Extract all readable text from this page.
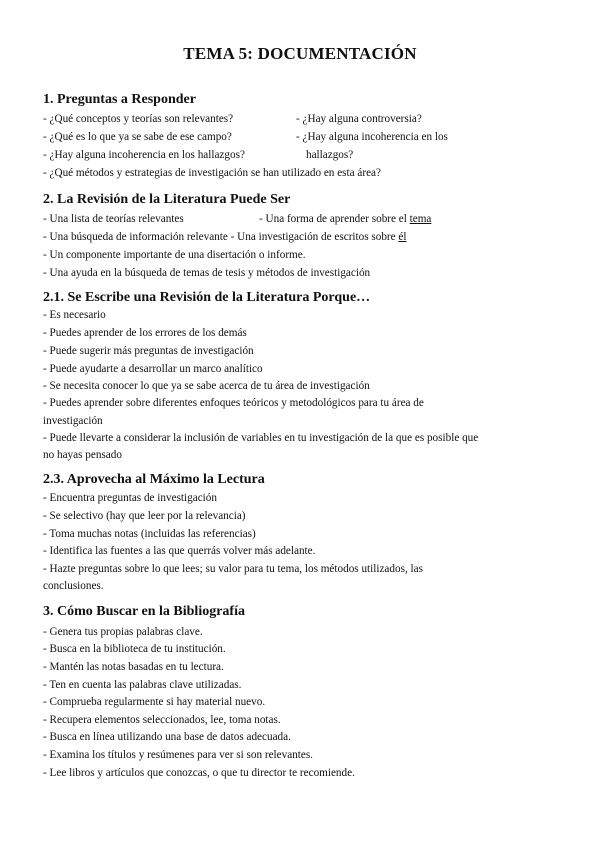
TEMA 5: DOCUMENTACIÓN
1. Preguntas a Responder
- ¿Qué conceptos y teorías son relevantes?
- ¿Qué es lo que ya se sabe de ese campo?
- ¿Hay alguna incoherencia en los hallazgos?
- ¿Qué métodos y estrategias de investigación se han utilizado en esta área?
- ¿Hay alguna controversia?
- ¿Hay alguna incoherencia en los
hallazgos?
2. La Revisión de la Literatura Puede Ser
- Una lista de teorías relevantes	- Una forma de aprender sobre el tema
- Una búsqueda de información relevante - Una investigación de escritos sobre él
- Un componente importante de una disertación o informe.
- Una ayuda en la búsqueda de temas de tesis y métodos de investigación
2.1. Se Escribe una Revisión de la Literatura Porque…
- Es necesario
- Puedes aprender de los errores de los demás
- Puede sugerir más preguntas de investigación
- Puede ayudarte a desarrollar un marco analítico
- Se necesita conocer lo que ya se sabe acerca de tu área de investigación
- Puedes aprender sobre diferentes enfoques teóricos y metodológicos para tu área de
investigación
- Puede llevarte a considerar la inclusión de variables en tu investigación de la que es posible que
no hayas pensado
2.3. Aprovecha al Máximo la Lectura
- Encuentra preguntas de investigación
- Se selectivo (hay que leer por la relevancia)
- Toma muchas notas (incluidas las referencias)
- Identifica las fuentes a las que querrás volver más adelante.
- Hazte preguntas sobre lo que lees; su valor para tu tema, los métodos utilizados, las
conclusiones.
3. Cómo Buscar en la Bibliografía
- Genera tus propias palabras clave.
- Busca en la biblioteca de tu institución.
- Mantén las notas basadas en tu lectura.
- Ten en cuenta las palabras clave utilizadas.
- Comprueba regularmente si hay material nuevo.
- Recupera elementos seleccionados, lee, toma notas.
- Busca en línea utilizando una base de datos adecuada.
- Examina los títulos y resúmenes para ver si son relevantes.
- Lee libros y artículos que conozcas, o que tu director te recomiende.
